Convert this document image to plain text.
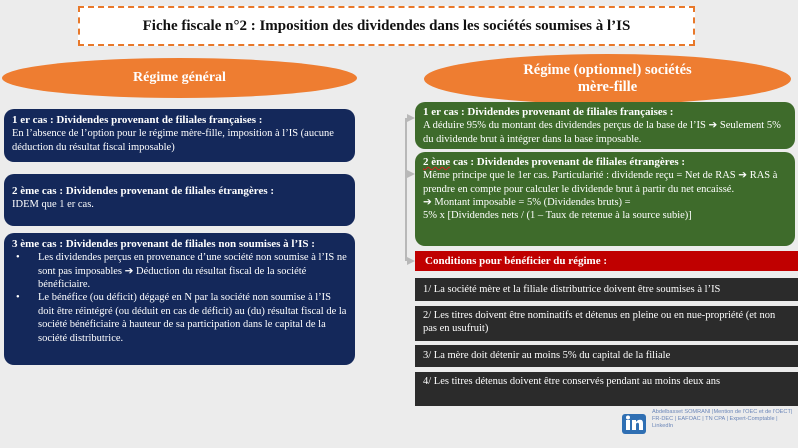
Fiche fiscale n°2 : Imposition des dividendes dans les sociétés soumises à l’IS
Régime général	Régime (optionnel) sociétés
mère-fille
1 er cas : Dividendes provenant de filiales françaises :
En l’absence de l’option pour le régime mère-fille, imposition à l’IS (aucune déduction du résultat fiscal imposable)
2 ème cas : Dividendes provenant de filiales étrangères :
IDEM que 1 er cas.
3 ème cas : Dividendes provenant de filiales non soumises à l’IS :
• Les dividendes perçus en provenance d’une société non soumise à l’IS ne sont pas imposables ➔ Déduction du résultat fiscal de la société bénéficiaire.
• Le bénéfice (ou déficit) dégagé en N par la société non soumise à l’IS doit être réintégré (ou déduit en cas de déficit) au (du) résultat fiscal de la société bénéficiaire à hauteur de sa participation dans le capital de la société distributrice.
1 er cas : Dividendes provenant de filiales françaises :
A déduire 95% du montant des dividendes perçus de la base de l’IS ➔ Seulement 5% du dividende brut à intégrer dans la base imposable.
2 ème cas : Dividendes provenant de filiales étrangères :
Même principe que le 1er cas. Particularité : dividende reçu = Net de RAS ➔ RAS à prendre en compte pour calculer le dividende brut à partir du net encaissé.
➔ Montant imposable = 5% (Dividendes bruts) =
5% x [Dividendes nets / (1 – Taux de retenue à la source subie)]
Conditions pour bénéficier du régime :
1/ La société mère et la filiale distributrice doivent être soumises à l’IS
2/ Les titres doivent être nominatifs et détenus en pleine ou en nue-propriété (et non pas en usufruit)
3/ La mère doit détenir au moins 5% du capital de la filiale
4/ Les titres détenus doivent être conservés pendant au moins deux ans
Abdelbasset SOMRANI |Mention de l’OEC et de l’OECT| FR-DEC | EAFOAC | TN CPA | Expert-Comptable | LinkedIn
